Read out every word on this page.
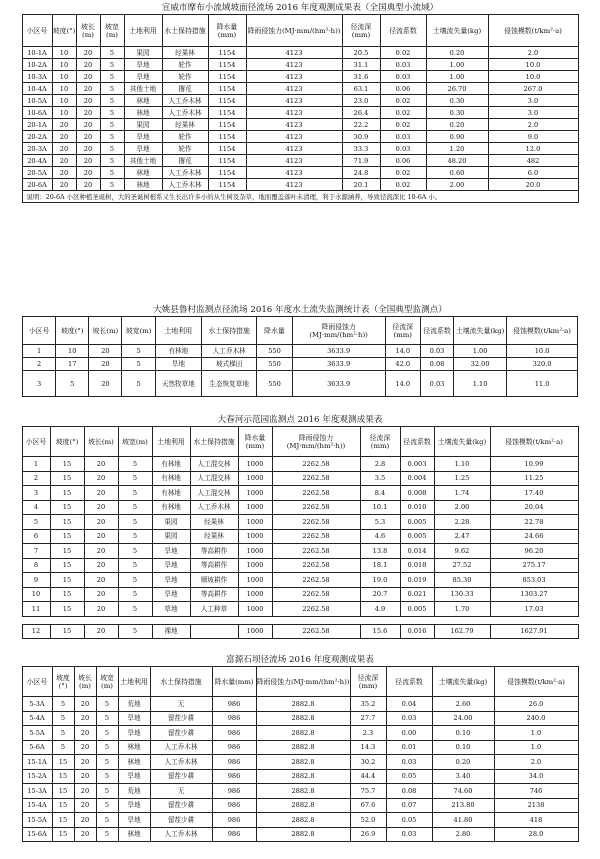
宣威市摩布小流域坡面径流场 2016 年度观测成果表（全国典型小流域）
小区号	坡度(°)	坡长(m)	坡宽(m)	土地利用	水土保持措施	降水量(mm)	降雨侵蚀力(MJ·mm/(hm²·h))	径流深(mm)	径流系数	土壤流失量(kg)	侵蚀模数(t/km²·a)
10-1A	10	20	5	果园	经果林	1154	4123	20.5	0.02	0.20	2.0
10-2A	10	20	5	旱地	轮作	1154	4123	31.1	0.03	1.00	10.0
10-3A	10	20	5	旱地	轮作	1154	4123	31.6	0.03	1.00	10.0
10-4A	10	20	5	其他土地	撂荒	1154	4123	63.1	0.06	26.70	267.0
10-5A	10	20	5	林地	人工乔木林	1154	4123	23.0	0.02	0.30	3.0
10-6A	10	20	5	林地	人工乔木林	1154	4123	26.4	0.02	0.30	3.0
20-1A	20	20	5	果园	经果林	1154	4123	22.2	0.02	0.20	2.0
20-2A	20	20	5	旱地	轮作	1154	4123	30.9	0.03	0.90	9.0
20-3A	20	20	5	旱地	轮作	1154	4123	33.3	0.03	1.20	12.0
20-4A	20	20	5	其他土地	撂荒	1154	4123	71.9	0.06	48.20	482
20-5A	20	20	5	林地	人工乔木林	1154	4123	24.8	0.02	0.60	6.0
20-6A	20	20	5	林地	人工乔木林	1154	4123	20.1	0.02	2.00	20.0
说明：20-6A 小区种植圣诞树，大的圣诞树根系又生长出许多小的从生树及杂草，地面覆盖落叶未清理，利于水源涵养，导致径流深比 10-6A 小。											
大姚县鲁村监测点径流场 2016 年度水土流失监测统计表（全国典型监测点）
小区号	坡度(°)	坡长(m)	坡宽(m)	土地利用	水土保持措施	降水量	降雨侵蚀力(MJ·mm/(hm²·h))	径流深(mm)	径流系数	土壤流失量(kg)	侵蚀模数(t/km²·a)
1	10	20	5	有林地	人工乔木林	550	3633.9	14.0	0.03	1.00	10.0
2	17	20	5	旱地	坡式梯田	550	3633.9	42.0	0.08	32.00	320.0
3	5	20	5	天然牧草地	生态恢复草地	550	3633.9	14.0	0.03	1.10	11.0
大春河示范园监测点 2016 年度观测成果表
小区号	坡度(°)	坡长(m)	坡宽(m)	土地利用	水土保持措施	降水量(mm)	降雨侵蚀力(MJ·mm/(hm²·h))	径流深(mm)	径流系数	土壤流失量(kg)	侵蚀模数(t/km²·a)
1	15	20	5	有林地	人工混交林	1000	2262.58	2.8	0.003	1.10	10.99
2	15	20	5	有林地	人工混交林	1000	2262.58	3.5	0.004	1.25	11.25
3	15	20	5	有林地	人工混交林	1000	2262.58	8.4	0.008	1.74	17.40
4	15	20	5	有林地	人工乔木林	1000	2262.58	10.1	0.010	2.00	20.04
5	15	20	5	果园	经果林	1000	2262.58	5.3	0.005	2.28	22.78
6	15	20	5	果园	经果林	1000	2262.58	4.6	0.005	2.47	24.66
7	15	20	5	旱地	等高耕作	1000	2262.58	13.8	0.014	9.62	96.20
8	15	20	5	旱地	等高耕作	1000	2262.58	18.1	0.018	27.52	275.17
9	15	20	5	旱地	顺坡耕作	1000	2262.58	19.0	0.019	85.30	853.03
10	15	20	5	旱地	等高耕作	1000	2262.58	20.7	0.021	130.33	1303.27
11	15	20	5	草地	人工种草	1000	2262.58	4.9	0.005	1.70	17.03

12	15	20	5	裸地		1000	2262.58	15.6	0.016	162.79	1627.91
富源石坝径流场 2016 年度观测成果表
小区号	坡度(°)	坡长(m)	坡宽(m)	土地利用	水土保持措施	降水量(mm)	降雨侵蚀力(MJ·mm/(hm²·h))	径流深(mm)	径流系数	土壤流失量(kg)	侵蚀模数(t/km²·a)
5-3A	5	20	5	荒地	无	986	2882.8	35.2	0.04	2.60	26.0
5-4A	5	20	5	旱地	留茬少耕	986	2882.8	27.7	0.03	24.00	240.0
5-5A	5	20	5	旱地	留茬少耕	986	2882.8	2.3	0.00	0.10	1.0
5-6A	5	20	5	林地	人工乔木林	986	2882.8	14.3	0.01	0.10	1.0
15-1A	15	20	5	林地	人工乔木林	986	2882.8	30.2	0.03	0.20	2.0
15-2A	15	20	5	旱地	留茬少耕	986	2882.8	44.4	0.05	3.40	34.0
15-3A	15	20	5	荒地	无	986	2882.8	75.7	0.08	74.60	746
15-4A	15	20	5	旱地	留茬少耕	986	2882.8	67.6	0.07	213.80	2138
15-5A	15	20	5	旱地	留茬少耕	986	2882.8	52.0	0.05	41.80	418
15-6A	15	20	5	林地	人工乔木林	986	2882.8	26.9	0.03	2.80	28.0
